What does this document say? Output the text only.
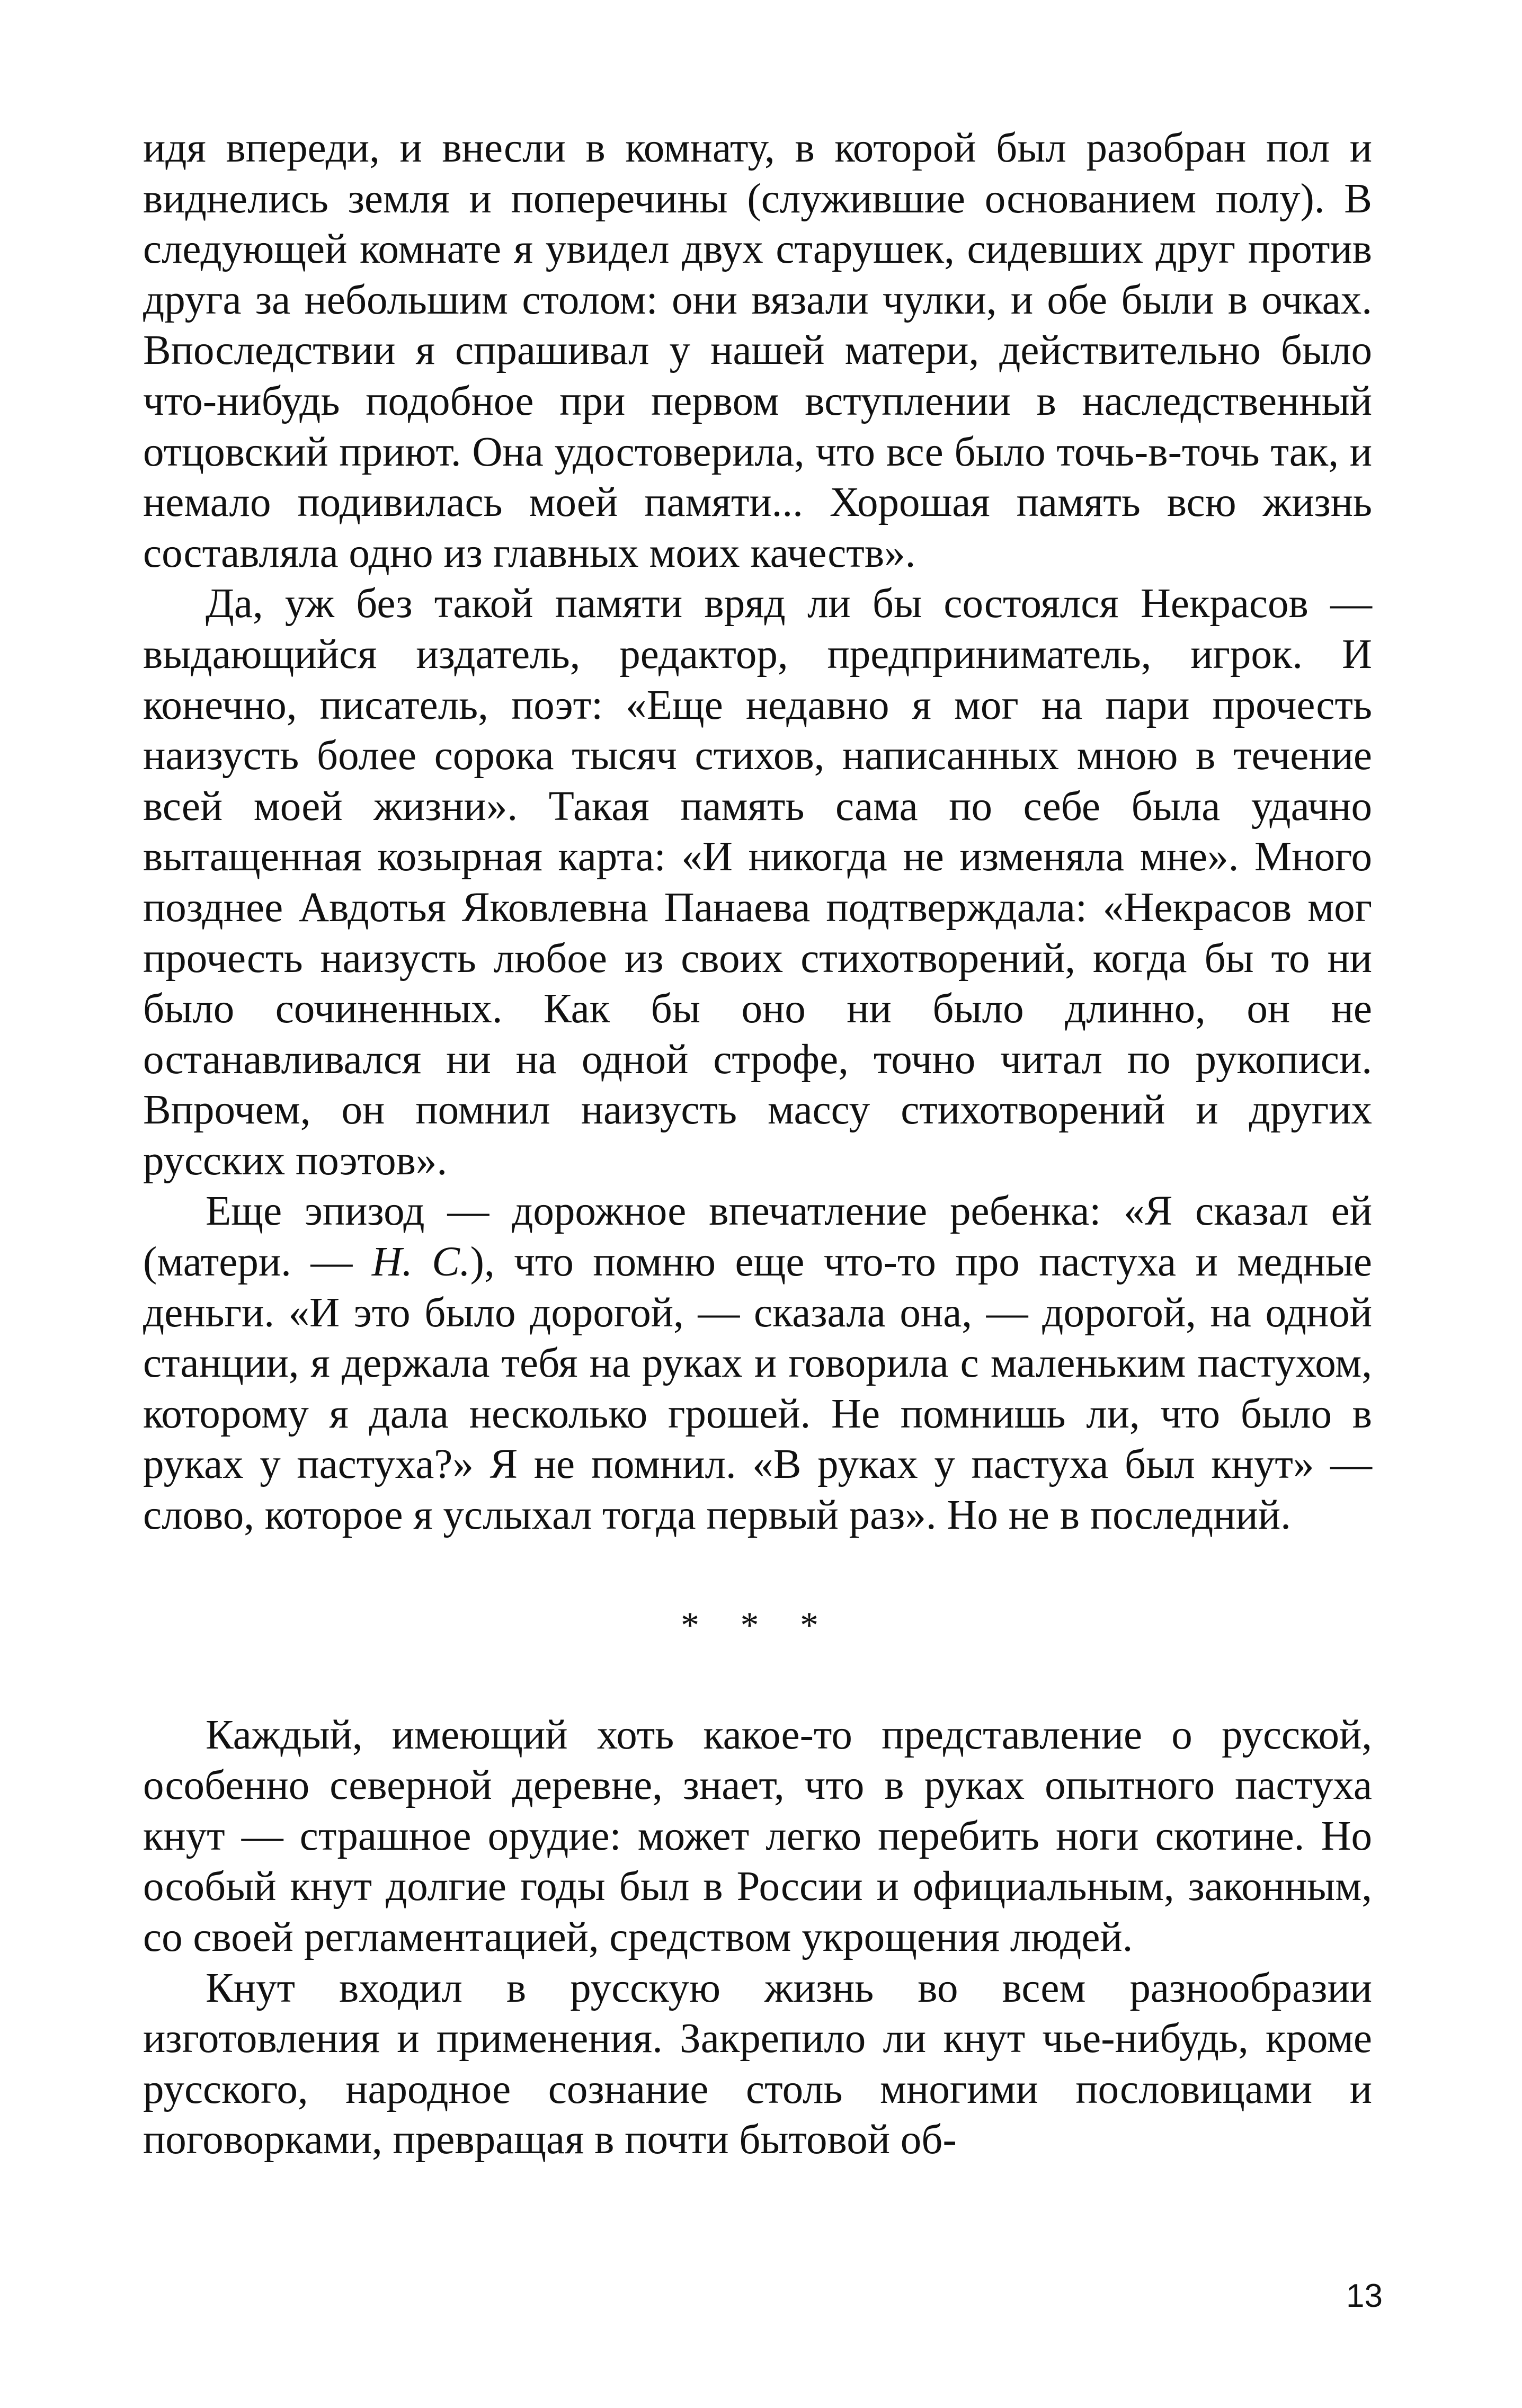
идя впереди, и внесли в комнату, в которой был разобран пол и виднелись земля и поперечины (служившие основанием полу). В следующей комнате я увидел двух старушек, сидевших друг против друга за небольшим столом: они вязали чулки, и обе были в очках. Впоследствии я спрашивал у нашей матери, действительно было что-нибудь подобное при первом вступлении в наследственный отцовский приют. Она удостоверила, что все было точь-в-точь так, и немало подивилась моей памяти... Хорошая память всю жизнь составляла одно из главных моих качеств».

Да, уж без такой памяти вряд ли бы состоялся Некрасов — выдающийся издатель, редактор, предприниматель, игрок. И конечно, писатель, поэт: «Еще недавно я мог на пари прочесть наизусть более сорока тысяч стихов, написанных мною в течение всей моей жизни». Такая память сама по себе была удачно вытащенная козырная карта: «И никогда не изменяла мне». Много позднее Авдотья Яковлевна Панаева подтверждала: «Некрасов мог прочесть наизусть любое из своих стихотворений, когда бы то ни было сочиненных. Как бы оно ни было длинно, он не останавливался ни на одной строфе, точно читал по рукописи. Впрочем, он помнил наизусть массу стихотворений и других русских поэтов».

Еще эпизод — дорожное впечатление ребенка: «Я сказал ей (матери. — Н. С.), что помню еще что-то про пастуха и медные деньги. «И это было дорогой, — сказала она, — дорогой, на одной станции, я держала тебя на руках и говорила с маленьким пастухом, которому я дала несколько грошей. Не помнишь ли, что было в руках у пастуха?» Я не помнил. «В руках у пастуха был кнут» — слово, которое я услыхал тогда первый раз». Но не в последний.

* * *

Каждый, имеющий хоть какое-то представление о русской, особенно северной деревне, знает, что в руках опытного пастуха кнут — страшное орудие: может легко перебить ноги скотине. Но особый кнут долгие годы был в России и официальным, законным, со своей регламентацией, средством укрощения людей.

Кнут входил в русскую жизнь во всем разнообразии изготовления и применения. Закрепило ли кнут чье-нибудь, кроме русского, народное сознание столь многими пословицами и поговорками, превращая в почти бытовой об-

13
